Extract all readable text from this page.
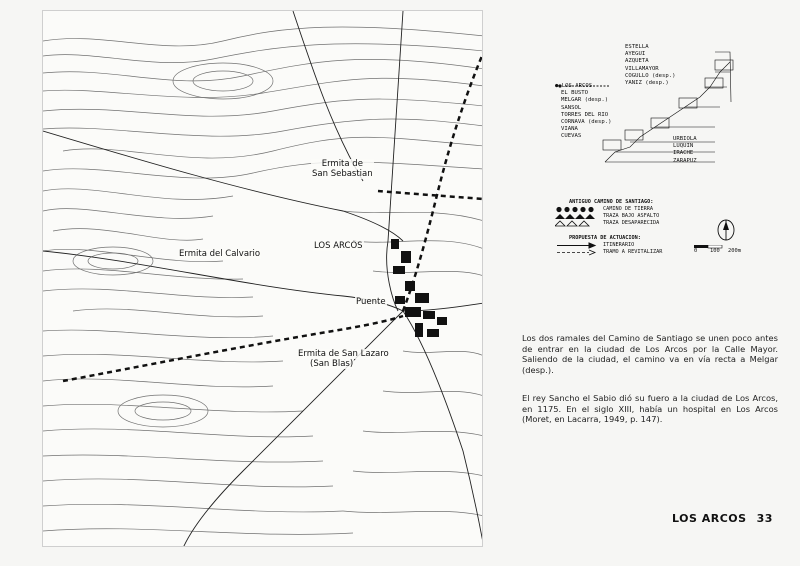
Ermita de
San Sebastian
LOS ARCOS
Ermita del Calvario
Puente
Ermita de San Lazaro
(San Blas)
ESTELLA
AYEGUI
AZQUETA
VILLAMAYOR
COGULLO (desp.)
YANIZ (desp.)
● LOS ARCOS
EL BUSTO
MELGAR (desp.)
SANSOL
TORRES DEL RIO
CORNAVA (desp.)
VIANA
CUEVAS	URBIOLA
LUQUIN
IRACHE
ZARAPUZ
ANTIGUO CAMINO DE SANTIAGO:
CAMINO DE TIERRA
TRAZA BAJO ASFALTO
TRAZA DESAPARECIDA
PROPUESTA DE ACTUACION:
ITINERARIO
TRAMO A REVITALIZAR	0 100 200m

Los dos ramales del Camino de Santiago se unen poco antes de entrar en la ciudad de Los Arcos por la Calle Mayor. Saliendo de la ciudad, el camino va en vía recta a Melgar (desp.).

El rey Sancho el Sabio dió su fuero a la ciudad de Los Arcos, en 1175. En el siglo XIII, había un hospital en Los Arcos (Moret, en Lacarra, 1949, p. 147).

LOS ARCOS 33
